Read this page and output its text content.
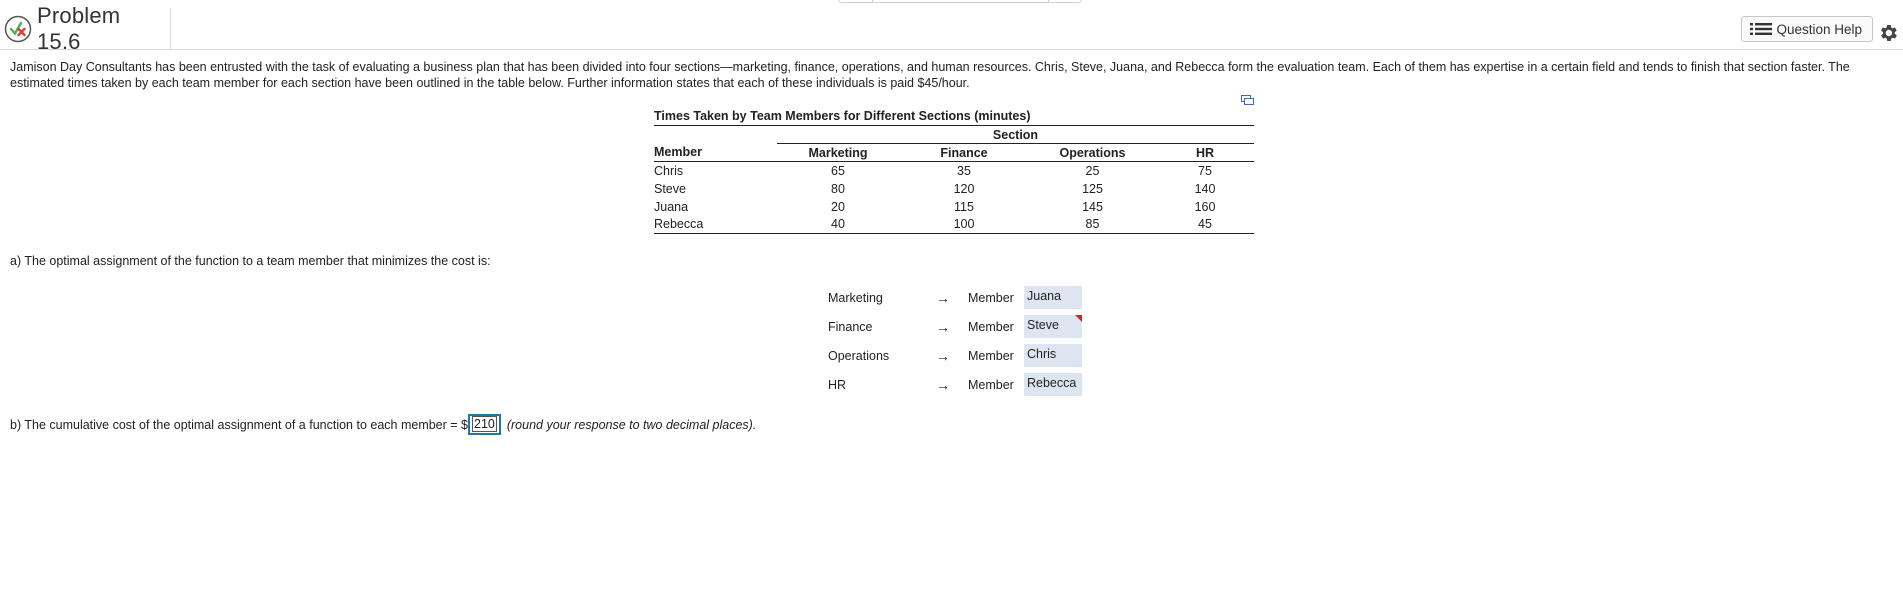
Problem 15.6	Question Help
Jamison Day Consultants has been entrusted with the task of evaluating a business plan that has been divided into four sections—marketing, finance, operations, and human resources. Chris, Steve, Juana, and Rebecca form the evaluation team. Each of them has expertise in a certain field and tends to finish that section faster. The estimated times taken by each team member for each section have been outlined in the table below. Further information states that each of these individuals is paid $45/hour.
Times Taken by Team Members for Different Sections (minutes)
	Section			
Member	Marketing	Finance	Operations	HR
Chris	65	35	25	75
Steve	80	120	125	140
Juana	20	115	145	160
Rebecca	40	100	85	45
a) The optimal assignment of the function to a team member that minimizes the cost is:
Marketing	→	Member	Juana
Finance	→	Member	Steve
Operations	→	Member	Chris
HR	→	Member	Rebecca
b) The cumulative cost of the optimal assignment of a function to each member = $ 210 (round your response to two decimal places).
